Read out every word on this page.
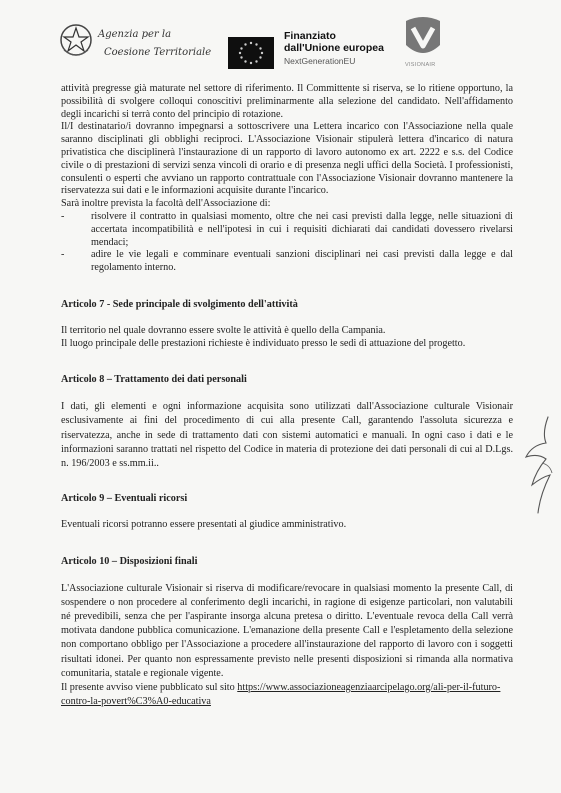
Agenzia per la
Coesione Territoriale
Finanziato
dall'Unione europea
NextGenerationEU	VISIONAIR

attività pregresse già maturate nel settore di riferimento. Il Committente si riserva, se lo ritiene opportuno, la possibilità di svolgere colloqui conoscitivi preliminarmente alla selezione del candidato. Nell'affidamento degli incarichi si terrà conto del principio di rotazione.

Il/I destinatario/i dovranno impegnarsi a sottoscrivere una Lettera incarico con l'Associazione nella quale saranno disciplinati gli obblighi reciproci. L'Associazione Visionair stipulerà lettera d'incarico di natura privatistica che disciplinerà l'instaurazione di un rapporto di lavoro autonomo ex art. 2222 e s.s. del Codice civile o di prestazioni di servizi senza vincoli di orario e di presenza negli uffici della Società. I professionisti, consulenti o esperti che avviano un rapporto contrattuale con l'Associazione Visionair dovranno mantenere la riservatezza sui dati e le informazioni acquisite durante l'incarico.

Sarà inoltre prevista la facoltà dell'Associazione di:

-	risolvere il contratto in qualsiasi momento, oltre che nei casi previsti dalla legge, nelle situazioni di accertata incompatibilità e nell'ipotesi in cui i requisiti dichiarati dai candidati dovessero rivelarsi mendaci;
-	adire le vie legali e comminare eventuali sanzioni disciplinari nei casi previsti dalla legge e dal regolamento interno.

Articolo 7 - Sede principale di svolgimento dell'attività

Il territorio nel quale dovranno essere svolte le attività è quello della Campania.

Il luogo principale delle prestazioni richieste è individuato presso le sedi di attuazione del progetto.

Articolo 8 – Trattamento dei dati personali

I dati, gli elementi e ogni informazione acquisita sono utilizzati dall'Associazione culturale Visionair esclusivamente ai fini del procedimento di cui alla presente Call, garantendo l'assoluta sicurezza e riservatezza, anche in sede di trattamento dati con sistemi automatici e manuali. In ogni caso i dati e le informazioni saranno trattati nel rispetto del Codice in materia di protezione dei dati personali di cui al D.Lgs. n. 196/2003 e ss.mm.ii..

Articolo 9 – Eventuali ricorsi

Eventuali ricorsi potranno essere presentati al giudice amministrativo.

Articolo 10 – Disposizioni finali

L'Associazione culturale Visionair si riserva di modificare/revocare in qualsiasi momento la presente Call, di sospendere o non procedere al conferimento degli incarichi, in ragione di esigenze particolari, non valutabili né prevedibili, senza che per l'aspirante insorga alcuna pretesa o diritto. L'eventuale revoca della Call verrà motivata dandone pubblica comunicazione. L'emanazione della presente Call e l'espletamento della selezione non comportano obbligo per l'Associazione a procedere all'instaurazione del rapporto di lavoro con i soggetti risultati idonei. Per quanto non espressamente previsto nelle presenti disposizioni si rimanda alla normativa comunitaria, statale e regionale vigente.

Il presente avviso viene pubblicato sul sito https://www.associazioneagenziaarcipelago.org/ali-per-il-futuro-contro-la-povert%C3%A0-educativa
